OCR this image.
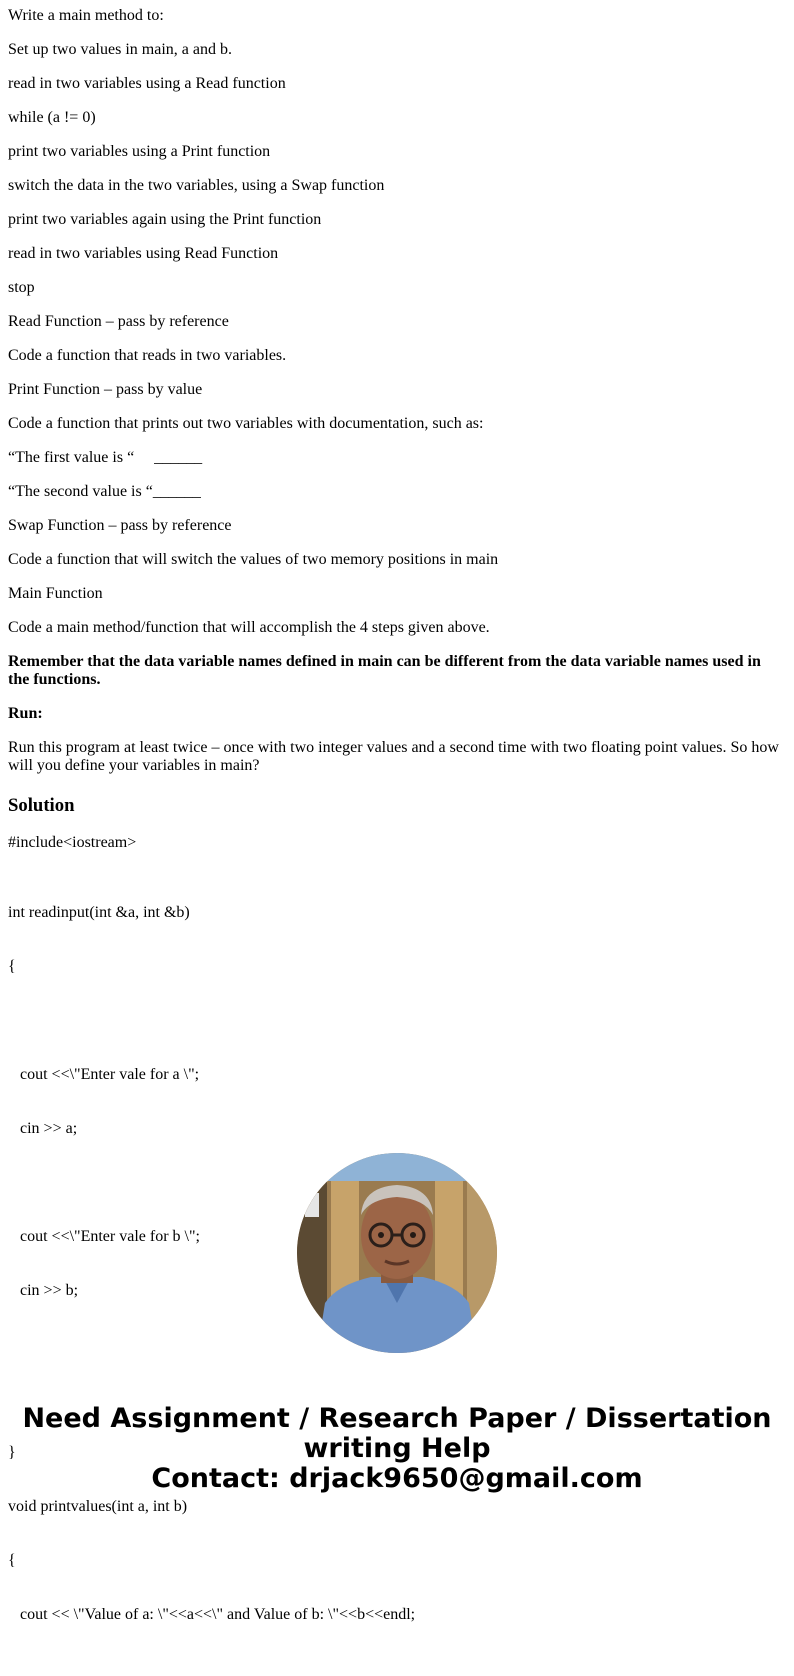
Write a main method to:
Set up two values in main, a and b.
read in two variables using a Read function
while (a != 0)
print two variables using a Print function
switch the data in the two variables, using a Swap function
print two variables again using the Print function
read in two variables using Read Function
stop
Read Function – pass by reference
Code a function that reads in two variables.
Print Function – pass by value
Code a function that prints out two variables with documentation, such as:
“The first value is “     ______
“The second value is “______
Swap Function – pass by reference
Code a function that will switch the values of two memory positions in main
Main Function
Code a main method/function that will accomplish the 4 steps given above.
Remember that the data variable names defined in main can be different from the data variable names used in the functions.
Run:
Run this program at least twice – once with two integer values and a second time with two floating point values. So how will you define your variables in main?
Solution
#include<iostream>

int readinput(int &a, int &b)

{

cout <<\"Enter vale for a \";

cin >> a;

cout <<\"Enter vale for b \";

cin >> b;

}

void printvalues(int a, int b)

{

cout << \"Value of a: \"<<a<<\" and Value of b: \"<<b<<endl;

Need Assignment / Research Paper / Dissertation
writing Help
Contact: drjack9650@gmail.com
